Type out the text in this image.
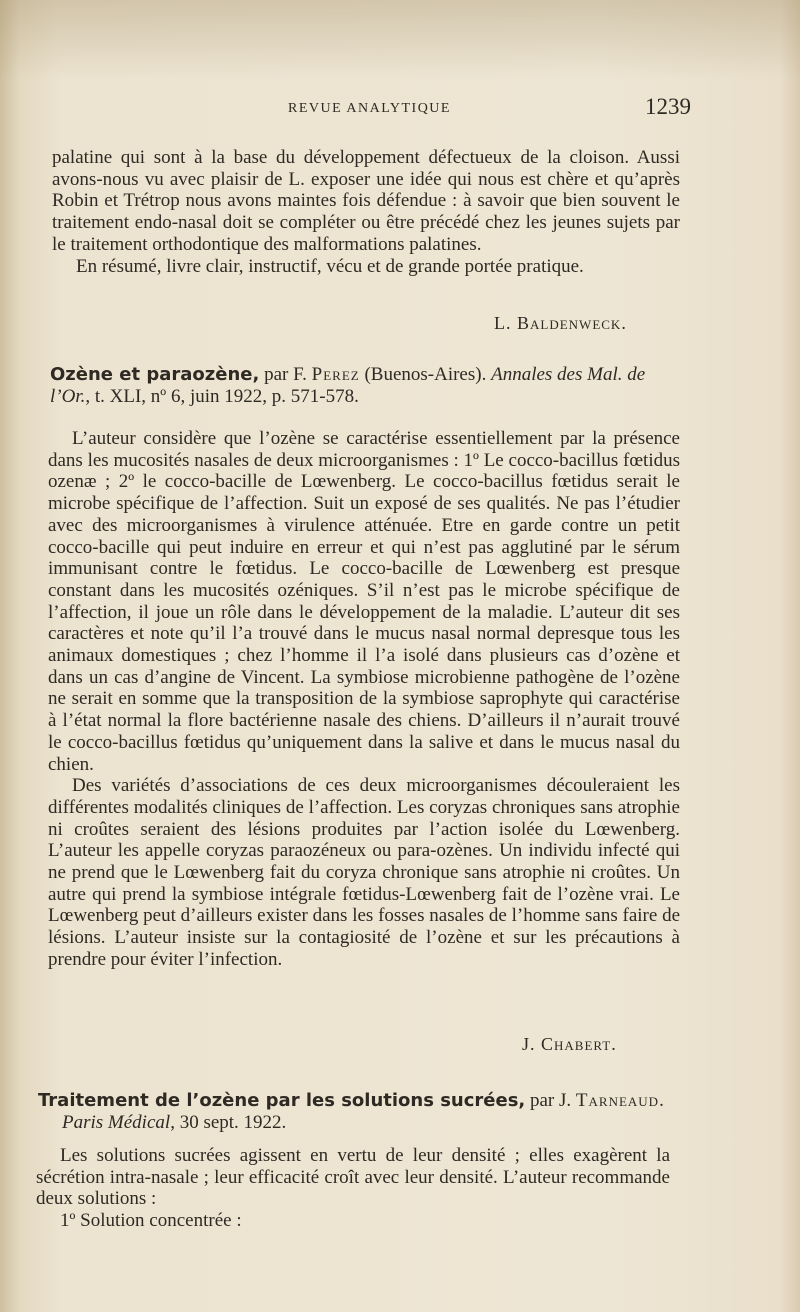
REVUE ANALYTIQUE	1239

palatine qui sont à la base du développement défectueux de la cloison. Aussi avons-nous vu avec plaisir de L. exposer une idée qui nous est chère et qu’après Robin et Trétrop nous avons maintes fois défendue : à savoir que bien souvent le traitement endo-nasal doit se compléter ou être précédé chez les jeunes sujets par le traitement orthodontique des malformations palatines.

En résumé, livre clair, instructif, vécu et de grande portée pratique.

L. Baldenweck.
Ozène et paraozène, par F. Perez (Buenos-Aires). Annales des Mal. de l’Or., t. XLI, nº 6, juin 1922, p. 571-578.

L’auteur considère que l’ozène se caractérise essentiellement par la présence dans les mucosités nasales de deux microorganismes : 1º Le cocco-bacillus fœtidus ozenæ ; 2º le cocco-bacille de Lœwenberg. Le cocco-bacillus fœtidus serait le microbe spécifique de l’affection. Suit un exposé de ses qualités. Ne pas l’étudier avec des microorganismes à virulence atténuée. Etre en garde contre un petit cocco-bacille qui peut induire en erreur et qui n’est pas agglutiné par le sérum immunisant contre le fœtidus. Le cocco-bacille de Lœwenberg est presque constant dans les mucosités ozéniques. S’il n’est pas le microbe spécifique de l’affection, il joue un rôle dans le développement de la maladie. L’auteur dit ses caractères et note qu’il l’a trouvé dans le mucus nasal normal depresque tous les animaux domestiques ; chez l’homme il l’a isolé dans plusieurs cas d’ozène et dans un cas d’angine de Vincent. La symbiose microbienne pathogène de l’ozène ne serait en somme que la transposition de la symbiose saprophyte qui caractérise à l’état normal la flore bactérienne nasale des chiens. D’ailleurs il n’aurait trouvé le cocco-bacillus fœtidus qu’uniquement dans la salive et dans le mucus nasal du chien.

Des variétés d’associations de ces deux microorganismes découleraient les différentes modalités cliniques de l’affection. Les coryzas chroniques sans atrophie ni croûtes seraient des lésions produites par l’action isolée du Lœwenberg. L’auteur les appelle coryzas paraozéneux ou para-ozènes. Un individu infecté qui ne prend que le Lœwenberg fait du coryza chronique sans atrophie ni croûtes. Un autre qui prend la symbiose intégrale fœtidus-Lœwenberg fait de l’ozène vrai. Le Lœwenberg peut d’ailleurs exister dans les fosses nasales de l’homme sans faire de lésions. L’auteur insiste sur la contagiosité de l’ozène et sur les précautions à prendre pour éviter l’infection.

J. Chabert.
Traitement de l’ozène par les solutions sucrées, par J. Tarneaud.
Paris Médical, 30 sept. 1922.

Les solutions sucrées agissent en vertu de leur densité ; elles exagèrent la sécrétion intra-nasale ; leur efficacité croît avec leur densité. L’auteur recommande deux solutions :

1º Solution concentrée :
